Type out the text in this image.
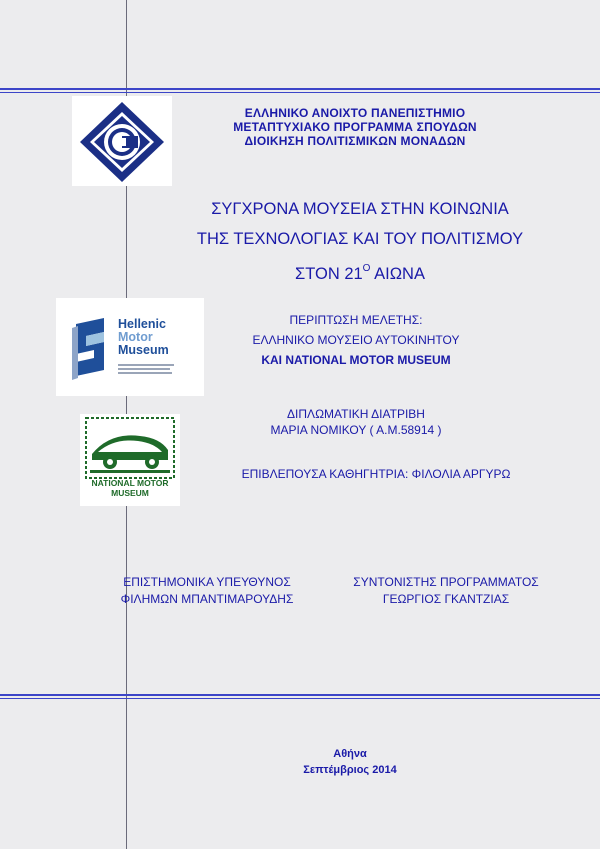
ΕΛΛΗΝΙΚΟ ΑΝΟΙΧΤΟ ΠΑΝΕΠΙΣΤΗΜΙΟ
ΜΕΤΑΠΤΥΧΙΑΚΟ ΠΡΟΓΡΑΜΜΑ ΣΠΟΥΔΩΝ
ΔΙΟΙΚΗΣΗ ΠΟΛΙΤΙΣΜΙΚΩΝ ΜΟΝΑΔΩΝ
ΣΥΓΧΡΟΝΑ ΜΟΥΣΕΙΑ ΣΤΗΝ ΚΟΙΝΩΝΙΑ
ΤΗΣ ΤΕΧΝΟΛΟΓΙΑΣ ΚΑΙ ΤΟΥ ΠΟΛΙΤΙΣΜΟΥ
ΣΤΟΝ $21^O$ ΑΙΩΝΑ
Hellenic
Motor
Museum
ΠΕΡΙΠΤΩΣΗ ΜΕΛΕΤΗΣ:
ΕΛΛΗΝΙΚΟ ΜΟΥΣΕΙΟ ΑΥΤΟΚΙΝΗΤΟΥ
ΚΑΙ NATIONAL MOTOR MUSEUM
NATIONAL MOTOR MUSEUM
ΔΙΠΛΩΜΑΤΙΚΗ ΔΙΑΤΡΙΒΗ
ΜΑΡΙΑ ΝΟΜΙΚΟΥ ( Α.Μ.58914 )
ΕΠΙΒΛΕΠΟΥΣΑ ΚΑΘΗΓΗΤΡΙΑ: ΦΙΛΟΛΙΑ ΑΡΓΥΡΩ
ΕΠΙΣΤΗΜΟΝΙΚΑ ΥΠΕΥΘΥΝΟΣ
ΦΙΛΗΜΩΝ ΜΠΑΝΤΙΜΑΡΟΥΔΗΣ
ΣΥΝΤΟΝΙΣΤΗΣ ΠΡΟΓΡΑΜΜΑΤΟΣ
ΓΕΩΡΓΙΟΣ ΓΚΑΝΤΖΙΑΣ
Αθήνα
Σεπτέμβριος 2014
